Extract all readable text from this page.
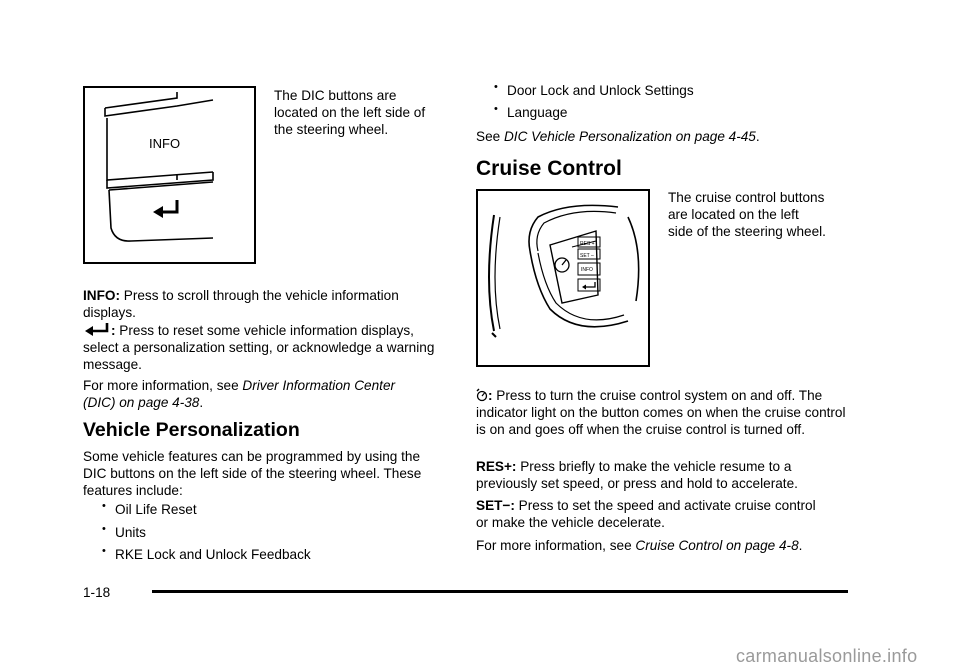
INFO
The DIC buttons are
located on the left side of
the steering wheel.

INFO: Press to scroll through the vehicle information displays.

: Press to reset some vehicle information displays, select a personalization setting, or acknowledge a warning message.

For more information, see Driver Information Center (DIC) on page 4-38.

Vehicle Personalization

Some vehicle features can be programmed by using the DIC buttons on the left side of the steering wheel. These features include:

• Oil Life Reset
• Units
• RKE Lock and Unlock Feedback
• Door Lock and Unlock Settings
• Language

See DIC Vehicle Personalization on page 4-45.

Cruise Control
RES +
SET –
INFO
The cruise control buttons
are located on the left
side of the steering wheel.

: Press to turn the cruise control system on and off. The indicator light on the button comes on when the cruise control is on and goes off when the cruise control is turned off.

RES+: Press briefly to make the vehicle resume to a previously set speed, or press and hold to accelerate.

SET−: Press to set the speed and activate cruise control or make the vehicle decelerate.

For more information, see Cruise Control on page 4-8.

1-18
carmanualsonline.info
